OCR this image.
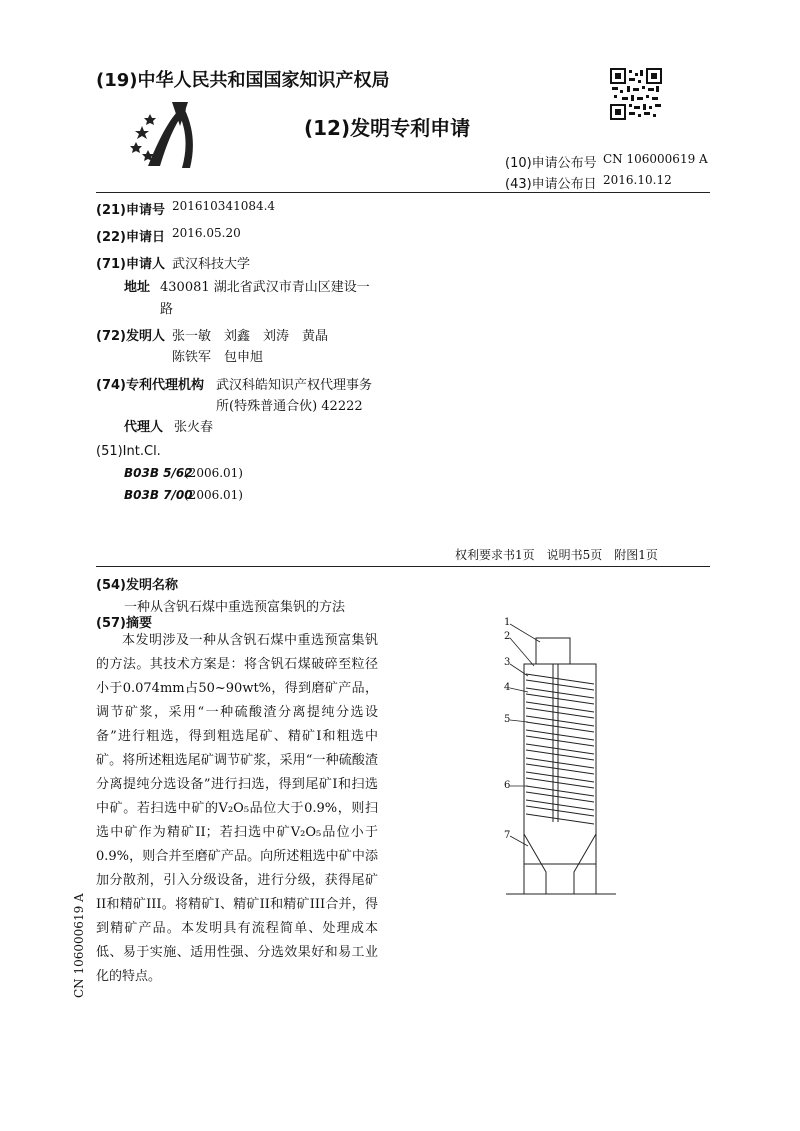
(19)中华人民共和国国家知识产权局
(12)发明专利申请
(10)申请公布号 CN 106000619 A
(43)申请公布日 2016.10.12
(21)申请号 201610341084.4
(22)申请日 2016.05.20
(71)申请人 武汉科技大学
地址 430081 湖北省武汉市青山区建设一
路
(72)发明人 张一敏　刘鑫　刘涛　黄晶
陈铁军　包申旭
(74)专利代理机构 武汉科皓知识产权代理事务
所(特殊普通合伙) 42222
代理人 张火春
(51)Int.Cl.
B03B 5/62
(2006.01)
B03B 7/00
(2006.01)
权利要求书1页　说明书5页　附图1页
(54)发明名称
一种从含钒石煤中重选预富集钒的方法
(57)摘要
本发明涉及一种从含钒石煤中重选预富集钒的方法。其技术方案是：将含钒石煤破碎至粒径小于0.074mm占50~90wt%，得到磨矿产品，调节矿浆，采用“一种硫酸渣分离提纯分选设备”进行粗选，得到粗选尾矿、精矿I和粗选中矿。将所述粗选尾矿调节矿浆，采用“一种硫酸渣分离提纯分选设备”进行扫选，得到尾矿I和扫选中矿。若扫选中矿的V₂O₅品位大于0.9%，则扫选中矿作为精矿II；若扫选中矿V₂O₅品位小于0.9%，则合并至磨矿产品。向所述粗选中矿中添加分散剂，引入分级设备，进行分级，获得尾矿II和精矿III。将精矿I、精矿II和精矿III合并，得到精矿产品。本发明具有流程简单、处理成本低、易于实施、适用性强、分选效果好和易工业化的特点。
1
2
3
4
5
6
7
CN 106000619 A
